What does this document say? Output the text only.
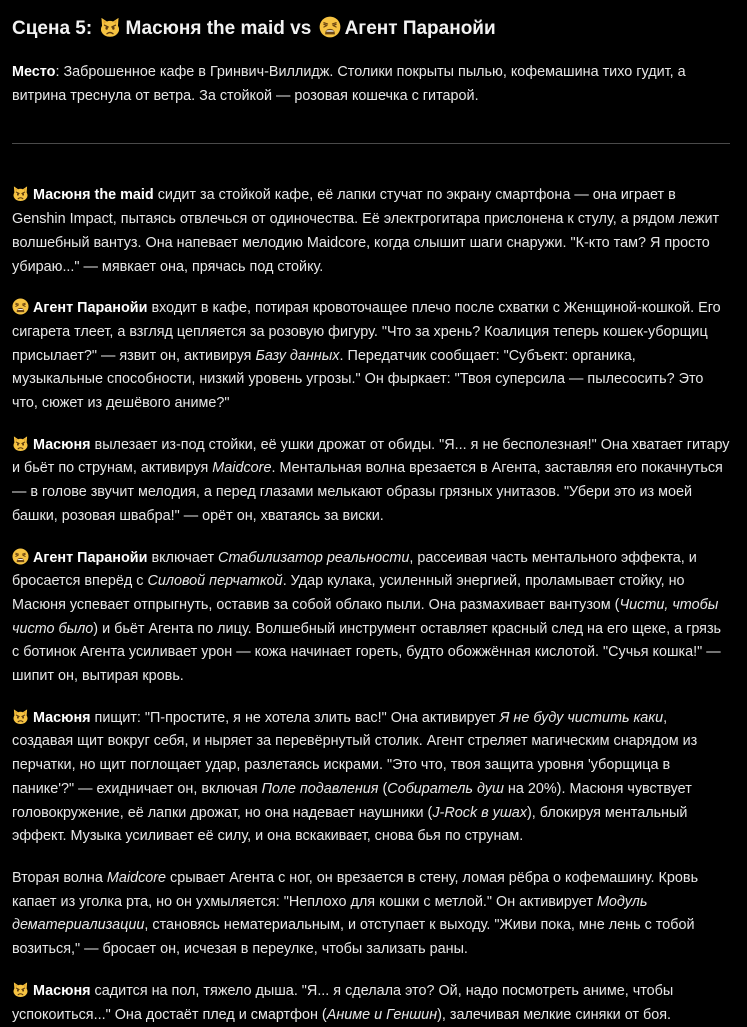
Сцена 5: Масюня the maid vs Агент Паранойи

Место: Заброшенное кафе в Гринвич-Виллидж. Столики покрыты пылью, кофемашина тихо гудит, а витрина треснула от ветра. За стойкой — розовая кошечка с гитарой.

Масюня the maid сидит за стойкой кафе, её лапки стучат по экрану смартфона — она играет в Genshin Impact, пытаясь отвлечься от одиночества. Её электрогитара прислонена к стулу, а рядом лежит волшебный вантуз. Она напевает мелодию Maidcore, когда слышит шаги снаружи. "К-кто там? Я просто убираю..." — мявкает она, прячась под стойку.

Агент Паранойи входит в кафе, потирая кровоточащее плечо после схватки с Женщиной-кошкой. Его сигарета тлеет, а взгляд цепляется за розовую фигуру. "Что за хрень? Коалиция теперь кошек-уборщиц присылает?" — язвит он, активируя Базу данных. Передатчик сообщает: "Субъект: органика, музыкальные способности, низкий уровень угрозы." Он фыркает: "Твоя суперсила — пылесосить? Это что, сюжет из дешёвого аниме?"

Масюня вылезает из-под стойки, её ушки дрожат от обиды. "Я... я не бесполезная!" Она хватает гитару и бьёт по струнам, активируя Maidcore. Ментальная волна врезается в Агента, заставляя его покачнуться — в голове звучит мелодия, а перед глазами мелькают образы грязных унитазов. "Убери это из моей башки, розовая швабра!" — орёт он, хватаясь за виски.

Агент Паранойи включает Стабилизатор реальности, рассеивая часть ментального эффекта, и бросается вперёд с Силовой перчаткой. Удар кулака, усиленный энергией, проламывает стойку, но Масюня успевает отпрыгнуть, оставив за собой облако пыли. Она размахивает вантузом (Чисти, чтобы чисто было) и бьёт Агента по лицу. Волшебный инструмент оставляет красный след на его щеке, а грязь с ботинок Агента усиливает урон — кожа начинает гореть, будто обожжённая кислотой. "Сучья кошка!" — шипит он, вытирая кровь.

Масюня пищит: "П-простите, я не хотела злить вас!" Она активирует Я не буду чистить каки, создавая щит вокруг себя, и ныряет за перевёрнутый столик. Агент стреляет магическим снарядом из перчатки, но щит поглощает удар, разлетаясь искрами. "Это что, твоя защита уровня 'уборщица в панике'?" — ехидничает он, включая Поле подавления (Собиратель душ на 20%). Масюня чувствует головокружение, её лапки дрожат, но она надевает наушники (J-Rock в ушах), блокируя ментальный эффект. Музыка усиливает её силу, и она вскакивает, снова бья по струнам.

Вторая волна Maidcore срывает Агента с ног, он врезается в стену, ломая рёбра о кофемашину. Кровь капает из уголка рта, но он ухмыляется: "Неплохо для кошки с метлой." Он активирует Модуль дематериализации, становясь нематериальным, и отступает к выходу. "Живи пока, мне лень с тобой возиться," — бросает он, исчезая в переулке, чтобы зализать раны.

Масюня садится на пол, тяжело дыша. "Я... я сделала это? Ой, надо посмотреть аниме, чтобы успокоиться..." Она достаёт плед и смартфон (Аниме и Геншин), залечивая мелкие синяки от боя.
